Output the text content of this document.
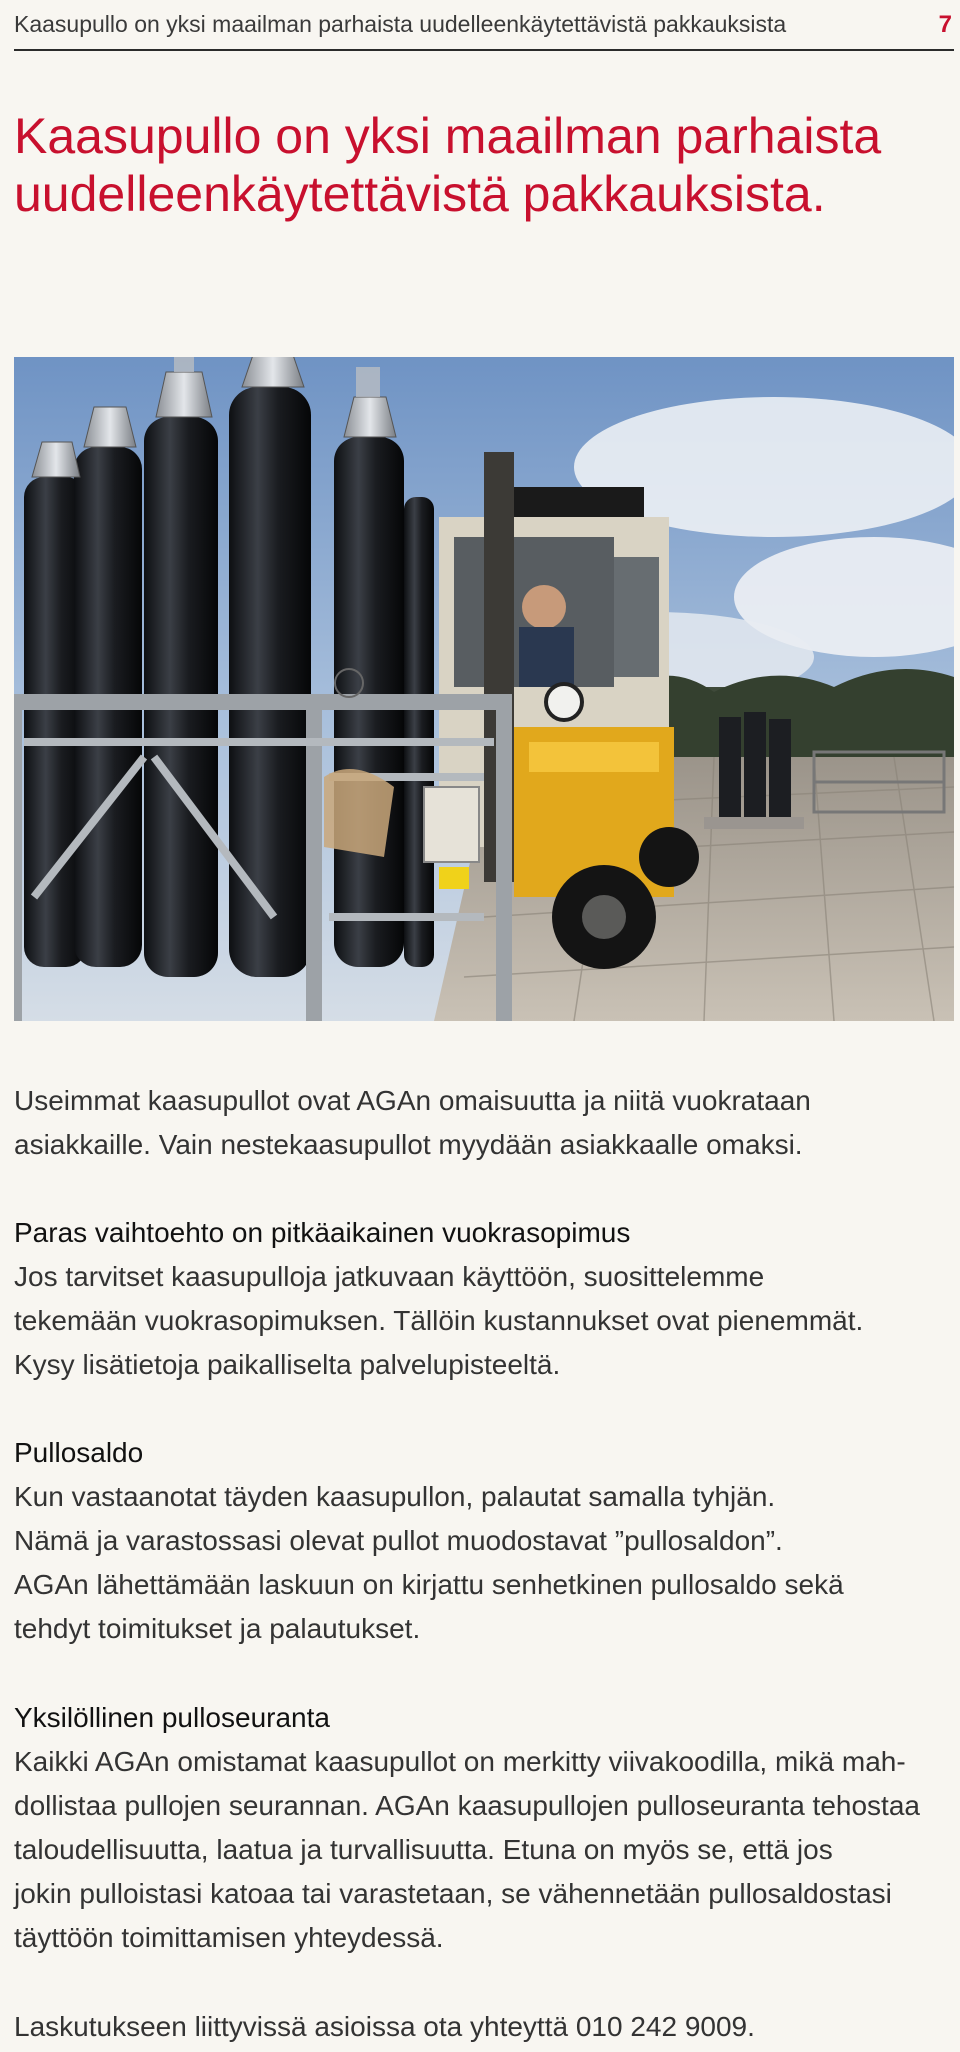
Kaasupullo on yksi maailman parhaista uudelleenkäytettävistä pakkauksista	7
Kaasupullo on yksi maailman parhaista
uudelleenkäytettävistä pakkauksista.

Useimmat kaasupullot ovat AGAn omaisuutta ja niitä vuokrataan
asiakkaille. Vain nestekaasupullot myydään asiakkaalle omaksi.

Paras vaihtoehto on pitkäaikainen vuokrasopimus

Jos tarvitset kaasupulloja jatkuvaan käyttöön, suosittelemme
tekemään vuokrasopimuksen. Tällöin kustannukset ovat pienemmät.
Kysy lisätietoja paikalliselta palvelupisteeltä.

Pullosaldo

Kun vastaanotat täyden kaasupullon, palautat samalla tyhjän.
Nämä ja varastossasi olevat pullot muodostavat ”pullosaldon”.
AGAn lähettämään laskuun on kirjattu senhetkinen pullosaldo sekä
tehdyt toimitukset ja palautukset.

Yksilöllinen pulloseuranta

Kaikki AGAn omistamat kaasupullot on merkitty viivakoodilla, mikä mah-
dollistaa pullojen seurannan. AGAn kaasupullojen pulloseuranta tehostaa
taloudellisuutta, laatua ja turvallisuutta. Etuna on myös se, että jos
jokin pulloistasi katoaa tai varastetaan, se vähennetään pullosaldostasi
täyttöön toimittamisen yhteydessä.

Laskutukseen liittyvissä asioissa ota yhteyttä 010 242 9009.
